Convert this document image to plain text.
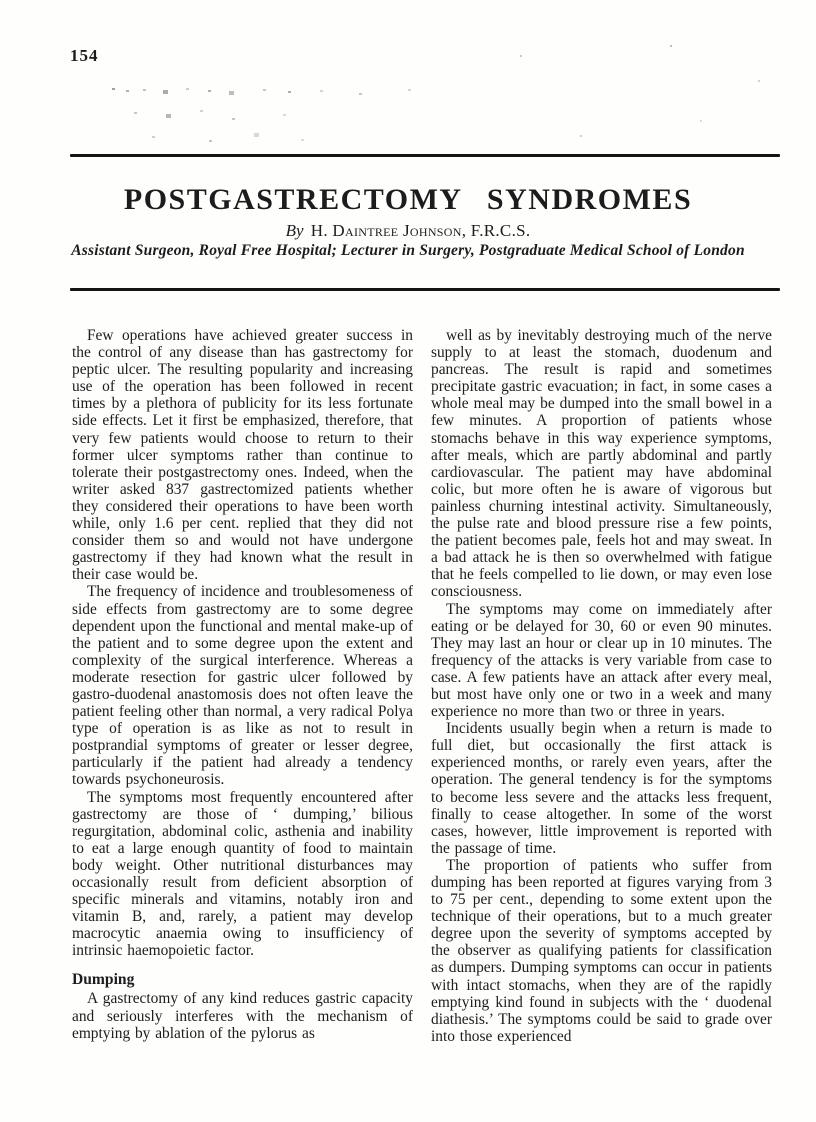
154
POSTGASTRECTOMY SYNDROMES
By H. Daintree Johnson, F.R.C.S.
Assistant Surgeon, Royal Free Hospital; Lecturer in Surgery, Postgraduate Medical School of London

Few operations have achieved greater success in the control of any disease than has gastrectomy for peptic ulcer. The resulting popularity and increasing use of the operation has been followed in recent times by a plethora of publicity for its less fortunate side effects. Let it first be emphasized, therefore, that very few patients would choose to return to their former ulcer symptoms rather than continue to tolerate their postgastrectomy ones. Indeed, when the writer asked 837 gastrectomized patients whether they considered their operations to have been worth while, only 1.6 per cent. replied that they did not consider them so and would not have undergone gastrectomy if they had known what the result in their case would be.

The frequency of incidence and troublesomeness of side effects from gastrectomy are to some degree dependent upon the functional and mental make-up of the patient and to some degree upon the extent and complexity of the surgical interference. Whereas a moderate resection for gastric ulcer followed by gastro-duodenal anastomosis does not often leave the patient feeling other than normal, a very radical Polya type of operation is as like as not to result in postprandial symptoms of greater or lesser degree, particularly if the patient had already a tendency towards psychoneurosis.

The symptoms most frequently encountered after gastrectomy are those of ‘ dumping,’ bilious regurgitation, abdominal colic, asthenia and inability to eat a large enough quantity of food to maintain body weight. Other nutritional disturbances may occasionally result from deficient absorption of specific minerals and vitamins, notably iron and vitamin B, and, rarely, a patient may develop macrocytic anaemia owing to insufficiency of intrinsic haemopoietic factor.

Dumping

A gastrectomy of any kind reduces gastric capacity and seriously interferes with the mechanism of emptying by ablation of the pylorus as

well as by inevitably destroying much of the nerve supply to at least the stomach, duodenum and pancreas. The result is rapid and sometimes precipitate gastric evacuation; in fact, in some cases a whole meal may be dumped into the small bowel in a few minutes. A proportion of patients whose stomachs behave in this way experience symptoms, after meals, which are partly abdominal and partly cardiovascular. The patient may have abdominal colic, but more often he is aware of vigorous but painless churning intestinal activity. Simultaneously, the pulse rate and blood pressure rise a few points, the patient becomes pale, feels hot and may sweat. In a bad attack he is then so overwhelmed with fatigue that he feels compelled to lie down, or may even lose consciousness.

The symptoms may come on immediately after eating or be delayed for 30, 60 or even 90 minutes. They may last an hour or clear up in 10 minutes. The frequency of the attacks is very variable from case to case. A few patients have an attack after every meal, but most have only one or two in a week and many experience no more than two or three in years.

Incidents usually begin when a return is made to full diet, but occasionally the first attack is experienced months, or rarely even years, after the operation. The general tendency is for the symptoms to become less severe and the attacks less frequent, finally to cease altogether. In some of the worst cases, however, little improvement is reported with the passage of time.

The proportion of patients who suffer from dumping has been reported at figures varying from 3 to 75 per cent., depending to some extent upon the technique of their operations, but to a much greater degree upon the severity of symptoms accepted by the observer as qualifying patients for classification as dumpers. Dumping symptoms can occur in patients with intact stomachs, when they are of the rapidly emptying kind found in subjects with the ‘ duodenal diathesis.’ The symptoms could be said to grade over into those experienced
